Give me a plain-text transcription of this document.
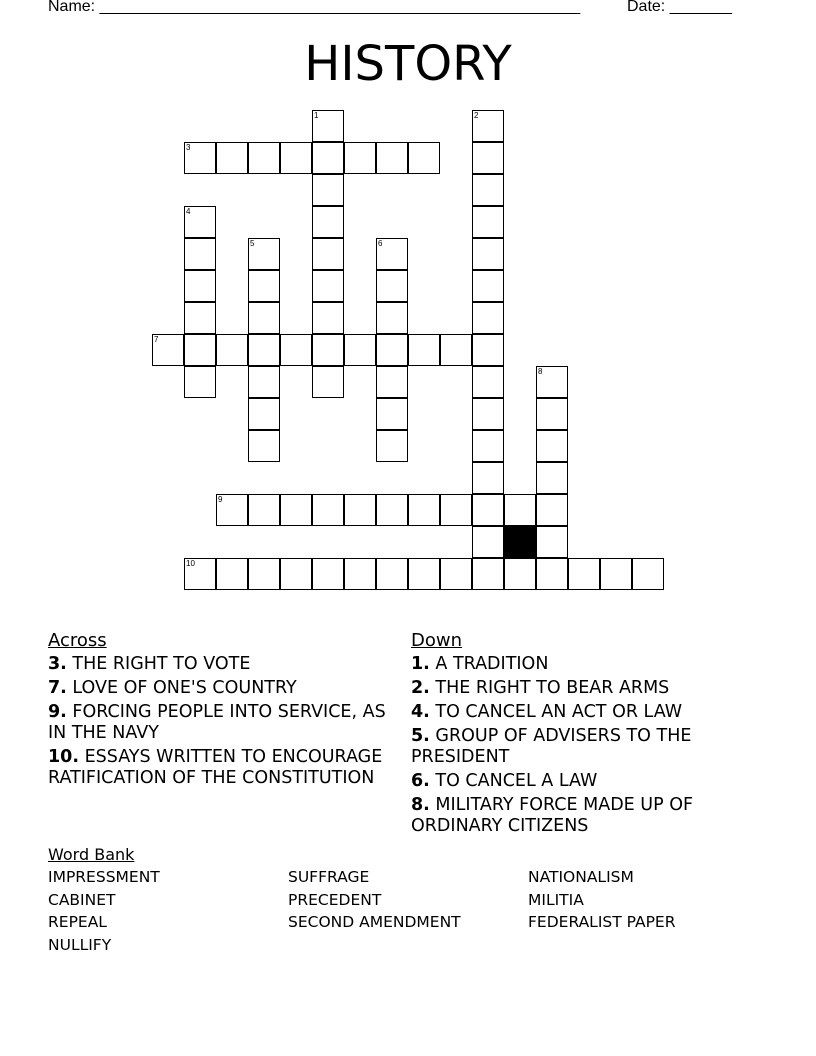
Name: ______________________________________________________	Date: _______
HISTORY
3
1	2
4
5	6
7
8
9
10
Across
3. THE RIGHT TO VOTE
7. LOVE OF ONE'S COUNTRY
9. FORCING PEOPLE INTO SERVICE, AS IN THE NAVY
10. ESSAYS WRITTEN TO ENCOURAGE RATIFICATION OF THE CONSTITUTION
Down
1. A TRADITION
2. THE RIGHT TO BEAR ARMS
4. TO CANCEL AN ACT OR LAW
5. GROUP OF ADVISERS TO THE PRESIDENT
6. TO CANCEL A LAW
8. MILITARY FORCE MADE UP OF ORDINARY CITIZENS
Word Bank
IMPRESSMENT	SUFFRAGE	NATIONALISM
CABINET	PRECEDENT	MILITIA
REPEAL	SECOND AMENDMENT	FEDERALIST PAPER
NULLIFY
